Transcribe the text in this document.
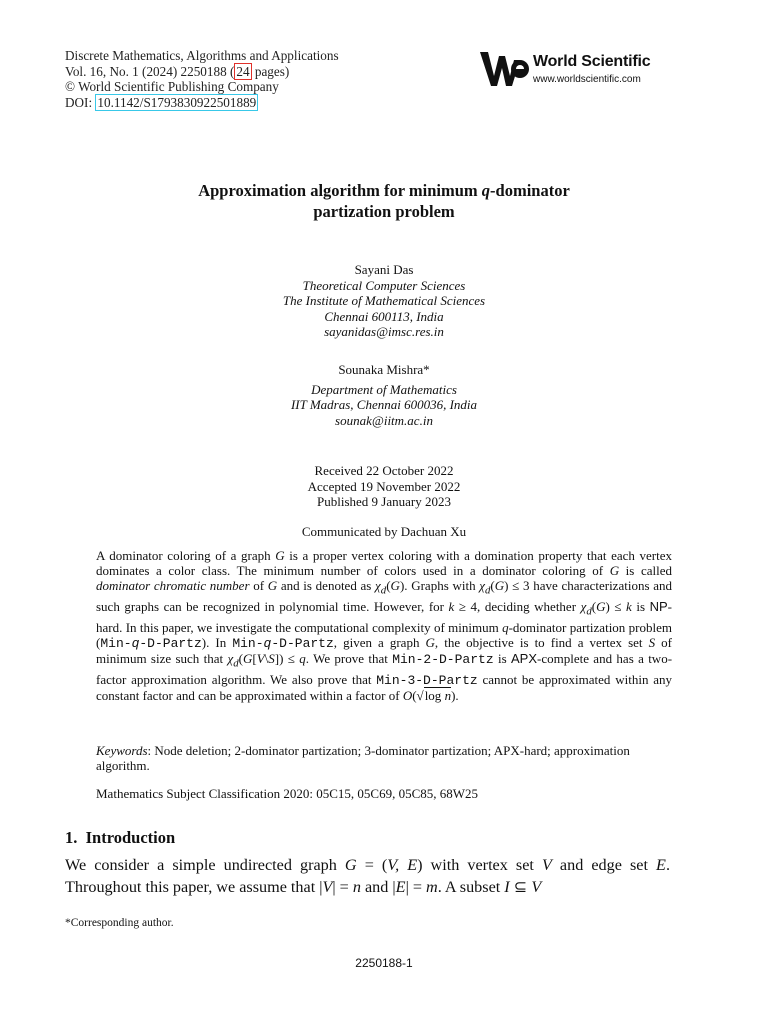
Discrete Mathematics, Algorithms and Applications
Vol. 16, No. 1 (2024) 2250188 ( 24 pages)
© World Scientific Publishing Company
DOI: 10.1142/S1793830922501889
World Scientific
www.worldscientific.com
Approximation algorithm for minimum q-dominator
partization problem
Sayani Das
Theoretical Computer Sciences
The Institute of Mathematical Sciences
Chennai 600113, India
sayanidas@imsc.res.in
Sounaka Mishra*
Department of Mathematics
IIT Madras, Chennai 600036, India
sounak@iitm.ac.in
Received 22 October 2022
Accepted 19 November 2022
Published 9 January 2023
Communicated by Dachuan Xu

A dominator coloring of a graph G is a proper vertex coloring with a domination property that each vertex dominates a color class. The minimum number of colors used in a dominator coloring of G is called dominator chromatic number of G and is denoted as $\chi_d(G)$. Graphs with $\chi_d(G) \le 3$ have characterizations and such graphs can be recognized in polynomial time. However, for k ≥ 4, deciding whether $\chi_d(G) \le k$ is NP-hard. In this paper, we investigate the computational complexity of minimum q-dominator partization problem (Min-q-D-Partz). In Min-q-D-Partz, given a graph G, the objective is to find a vertex set S of minimum size such that $\chi_d(G[V\backslash S]) \le q$. We prove that Min-2-D-Partz is APX-complete and has a two-factor approximation algorithm. We also prove that Min-3-D-Partz cannot be approximated within any constant factor and can be approximated within a factor of O(√log n).

Keywords: Node deletion; 2-dominator partization; 3-dominator partization; APX-hard; approximation algorithm.
Mathematics Subject Classification 2020: 05C15, 05C69, 05C85, 68W25
1. Introduction
We consider a simple undirected graph G = (V, E) with vertex set V and edge set E. Throughout this paper, we assume that |V| = n and |E| = m. A subset I ⊆ V
*Corresponding author.
2250188-1
